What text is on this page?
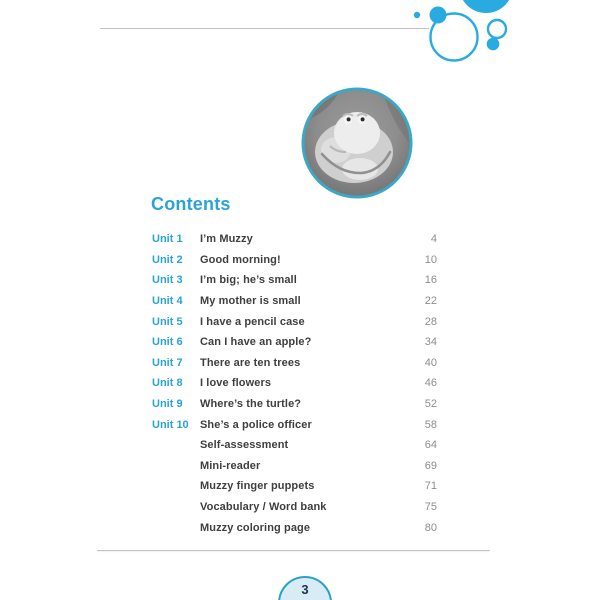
Contents
Unit 1	I’m Muzzy	4
Unit 2	Good morning!	10
Unit 3	I’m big; he’s small	16
Unit 4	My mother is small	22
Unit 5	I have a pencil case	28
Unit 6	Can I have an apple?	34
Unit 7	There are ten trees	40
Unit 8	I love flowers	46
Unit 9	Where’s the turtle?	52
Unit 10	She’s a police officer	58
Self-assessment	64
Mini-reader	69
Muzzy finger puppets	71
Vocabulary / Word bank	75
Muzzy coloring page	80
3
